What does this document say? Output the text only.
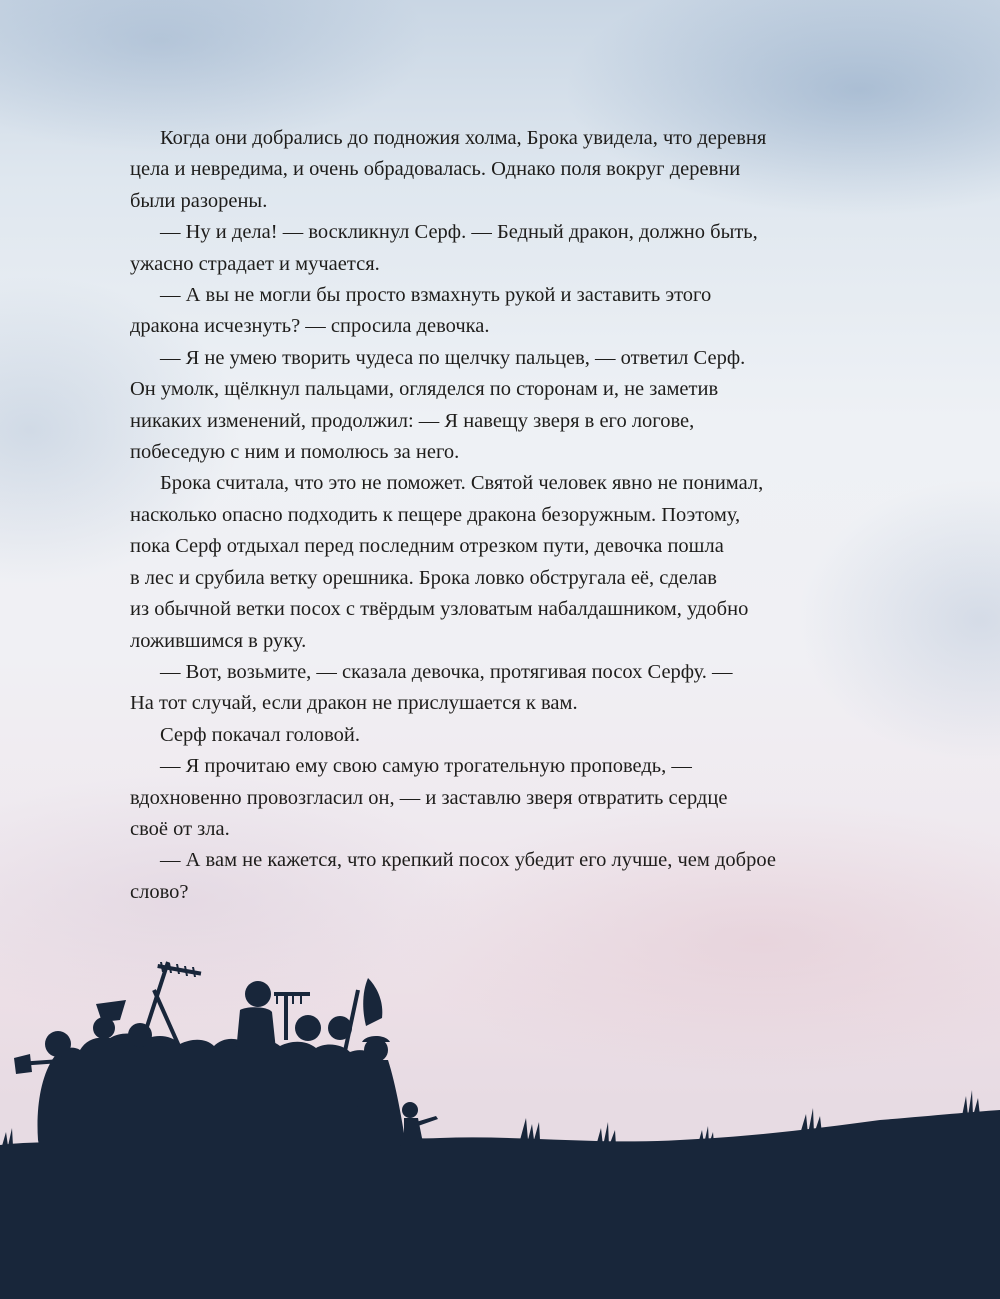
Когда они добрались до подножия холма, Брока увидела, что деревня
цела и невредима, и очень обрадовалась. Однако поля вокруг деревни
были разорены.
— Ну и дела! — воскликнул Серф. — Бедный дракон, должно быть,
ужасно страдает и мучается.
— А вы не могли бы просто взмахнуть рукой и заставить этого
дракона исчезнуть? — спросила девочка.
— Я не умею творить чудеса по щелчку пальцев, — ответил Серф.
Он умолк, щёлкнул пальцами, огляделся по сторонам и, не заметив
никаких изменений, продолжил: — Я навещу зверя в его логове,
побеседую с ним и помолюсь за него.
Брока считала, что это не поможет. Святой человек явно не понимал,
насколько опасно подходить к пещере дракона безоружным. Поэтому,
пока Серф отдыхал перед последним отрезком пути, девочка пошла
в лес и срубила ветку орешника. Брока ловко обстругала её, сделав
из обычной ветки посох с твёрдым узловатым набалдашником, удобно
ложившимся в руку.
— Вот, возьмите, — сказала девочка, протягивая посох Серфу. —
На тот случай, если дракон не прислушается к вам.
Серф покачал головой.
— Я прочитаю ему свою самую трогательную проповедь, —
вдохновенно провозгласил он, — и заставлю зверя отвратить сердце
своё от зла.
— А вам не кажется, что крепкий посох убедит его лучше, чем доброе
слово?
